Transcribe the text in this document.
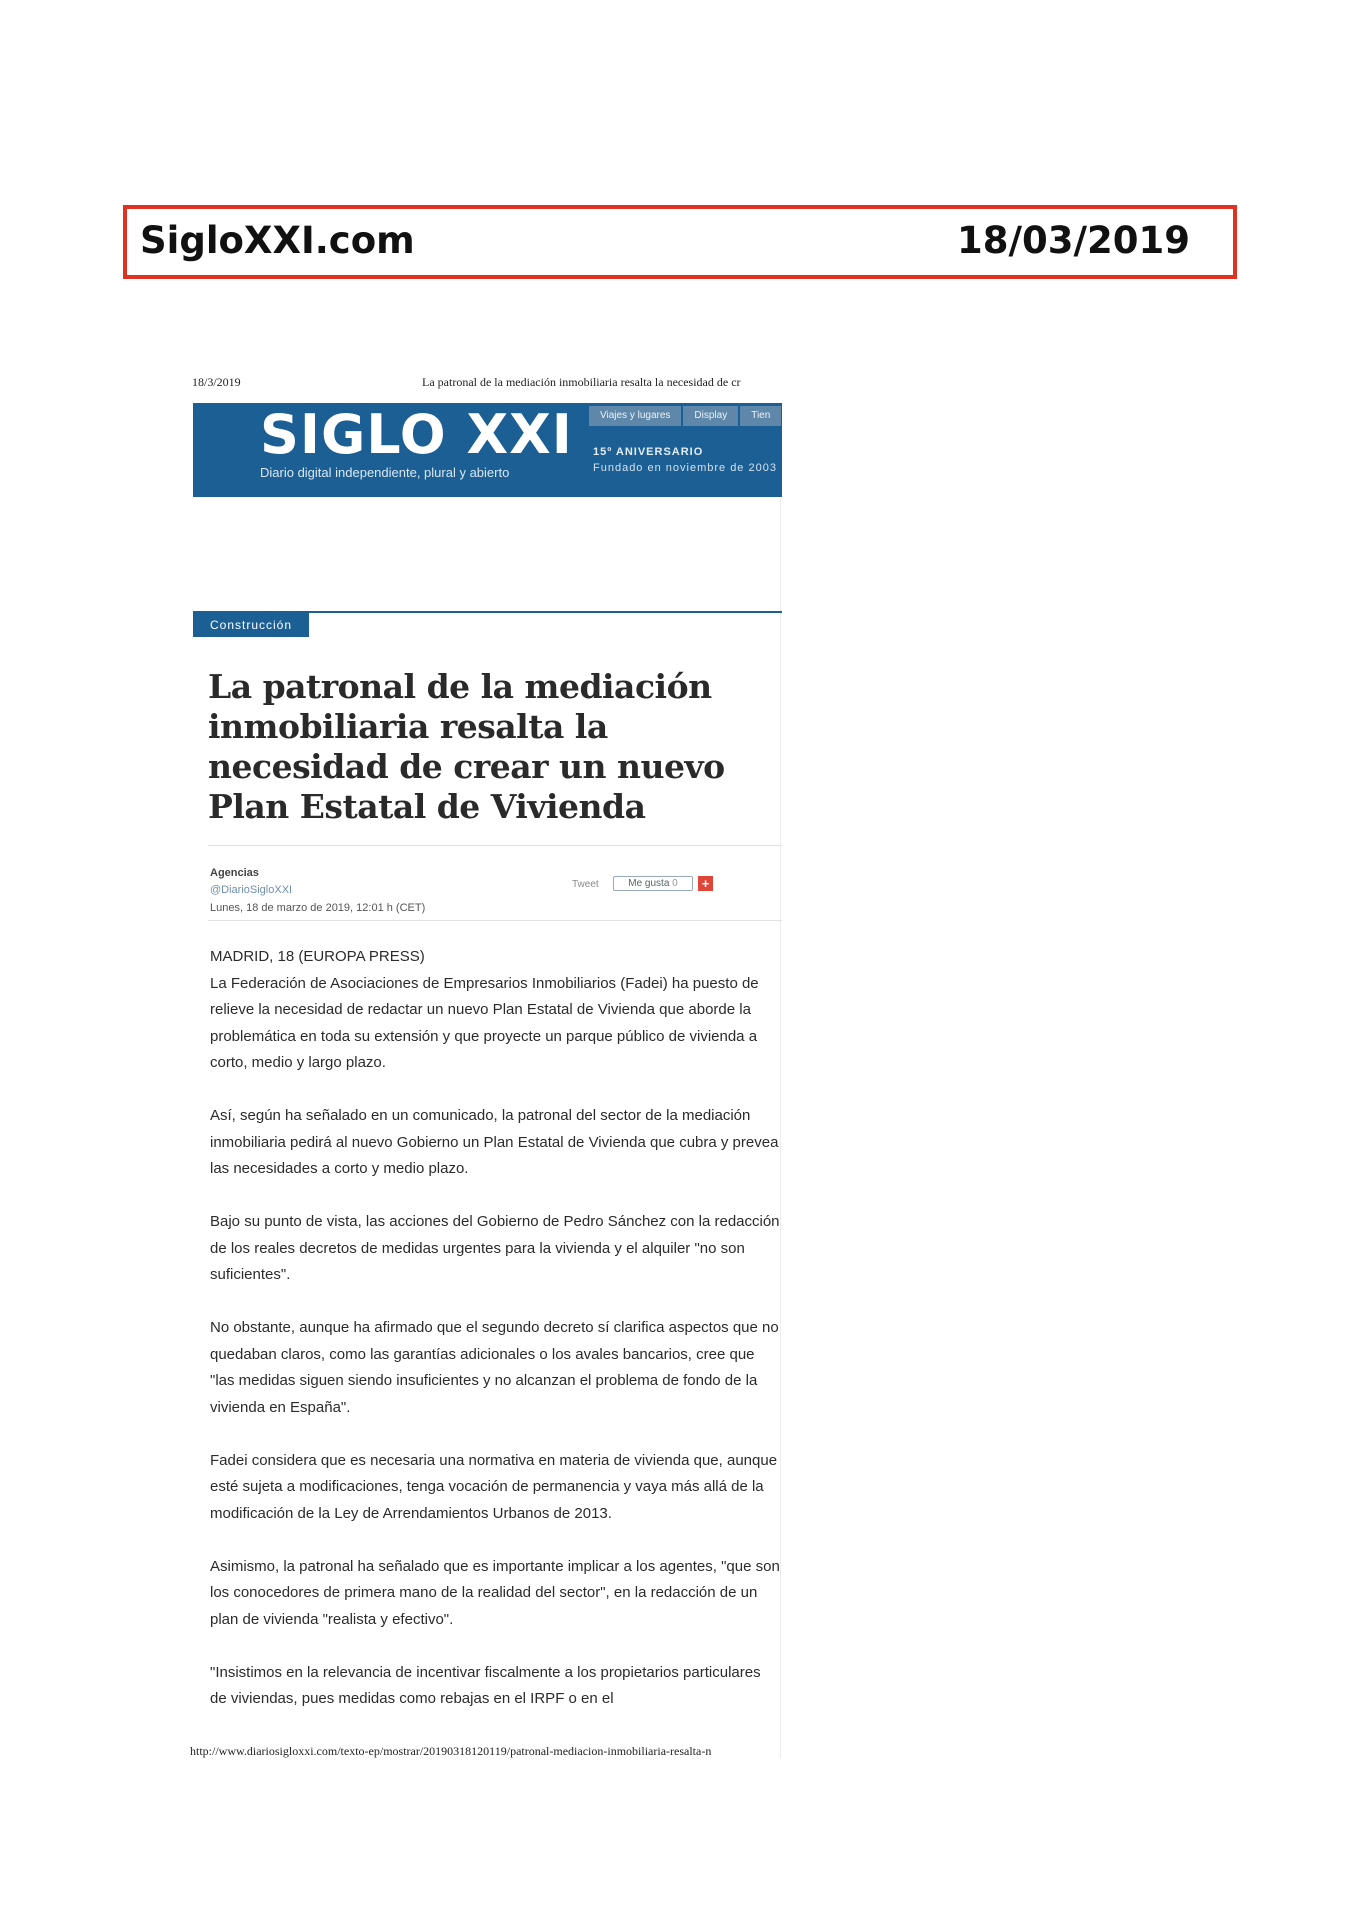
SigloXXI.com	18/03/2019
18/3/2019	La patronal de la mediación inmobiliaria resalta la necesidad de cr
SIGLO XXI
Diario digital independiente, plural y abierto
Viajes y lugares	Display	Tien
15º ANIVERSARIO
Fundado en noviembre de 2003
Construcción
La patronal de la mediación inmobiliaria resalta la necesidad de crear un nuevo Plan Estatal de Vivienda
Agencias
@DiarioSigloXXI
Lunes, 18 de marzo de 2019, 12:01 h (CET)
Tweet	Me gusta 0	+

MADRID, 18 (EUROPA PRESS)

La Federación de Asociaciones de Empresarios Inmobiliarios (Fadei) ha puesto de relieve la necesidad de redactar un nuevo Plan Estatal de Vivienda que aborde la problemática en toda su extensión y que proyecte un parque público de vivienda a corto, medio y largo plazo.

Así, según ha señalado en un comunicado, la patronal del sector de la mediación inmobiliaria pedirá al nuevo Gobierno un Plan Estatal de Vivienda que cubra y prevea las necesidades a corto y medio plazo.

Bajo su punto de vista, las acciones del Gobierno de Pedro Sánchez con la redacción de los reales decretos de medidas urgentes para la vivienda y el alquiler "no son suficientes".

No obstante, aunque ha afirmado que el segundo decreto sí clarifica aspectos que no quedaban claros, como las garantías adicionales o los avales bancarios, cree que "las medidas siguen siendo insuficientes y no alcanzan el problema de fondo de la vivienda en España".

Fadei considera que es necesaria una normativa en materia de vivienda que, aunque esté sujeta a modificaciones, tenga vocación de permanencia y vaya más allá de la modificación de la Ley de Arrendamientos Urbanos de 2013.

Asimismo, la patronal ha señalado que es importante implicar a los agentes, "que son los conocedores de primera mano de la realidad del sector", en la redacción de un plan de vivienda "realista y efectivo".

"Insistimos en la relevancia de incentivar fiscalmente a los propietarios particulares de viviendas, pues medidas como rebajas en el IRPF o en el

http://www.diariosigloxxi.com/texto-ep/mostrar/20190318120119/patronal-mediacion-inmobiliaria-resalta-n
